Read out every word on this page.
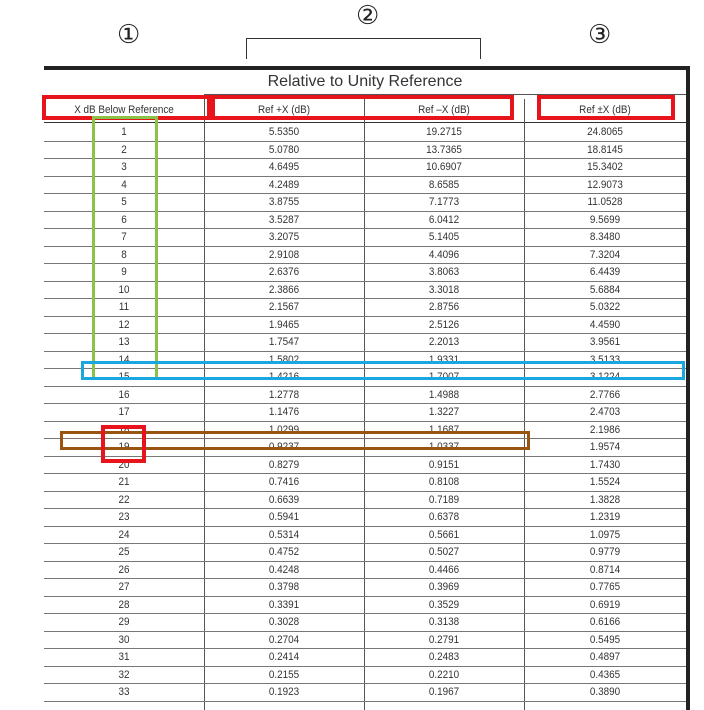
①
②
③
Relative to Unity Reference
X dB Below Reference	Ref +X (dB)	Ref –X (dB)	Ref ±X (dB)
1	5.5350	19.2715	24.8065
2	5.0780	13.7365	18.8145
3	4.6495	10.6907	15.3402
4	4.2489	8.6585	12.9073
5	3.8755	7.1773	11.0528
6	3.5287	6.0412	9.5699
7	3.2075	5.1405	8.3480
8	2.9108	4.4096	7.3204
9	2.6376	3.8063	6.4439
10	2.3866	3.3018	5.6884
11	2.1567	2.8756	5.0322
12	1.9465	2.5126	4.4590
13	1.7547	2.2013	3.9561
14	1.5802	1.9331	3.5133
15	1.4216	1.7007	3.1224
16	1.2778	1.4988	2.7766
17	1.1476	1.3227	2.4703
18	1.0299	1.1687	2.1986
19	0.9237	1.0337	1.9574
20	0.8279	0.9151	1.7430
21	0.7416	0.8108	1.5524
22	0.6639	0.7189	1.3828
23	0.5941	0.6378	1.2319
24	0.5314	0.5661	1.0975
25	0.4752	0.5027	0.9779
26	0.4248	0.4466	0.8714
27	0.3798	0.3969	0.7765
28	0.3391	0.3529	0.6919
29	0.3028	0.3138	0.6166
30	0.2704	0.2791	0.5495
31	0.2414	0.2483	0.4897
32	0.2155	0.2210	0.4365
33	0.1923	0.1967	0.3890
